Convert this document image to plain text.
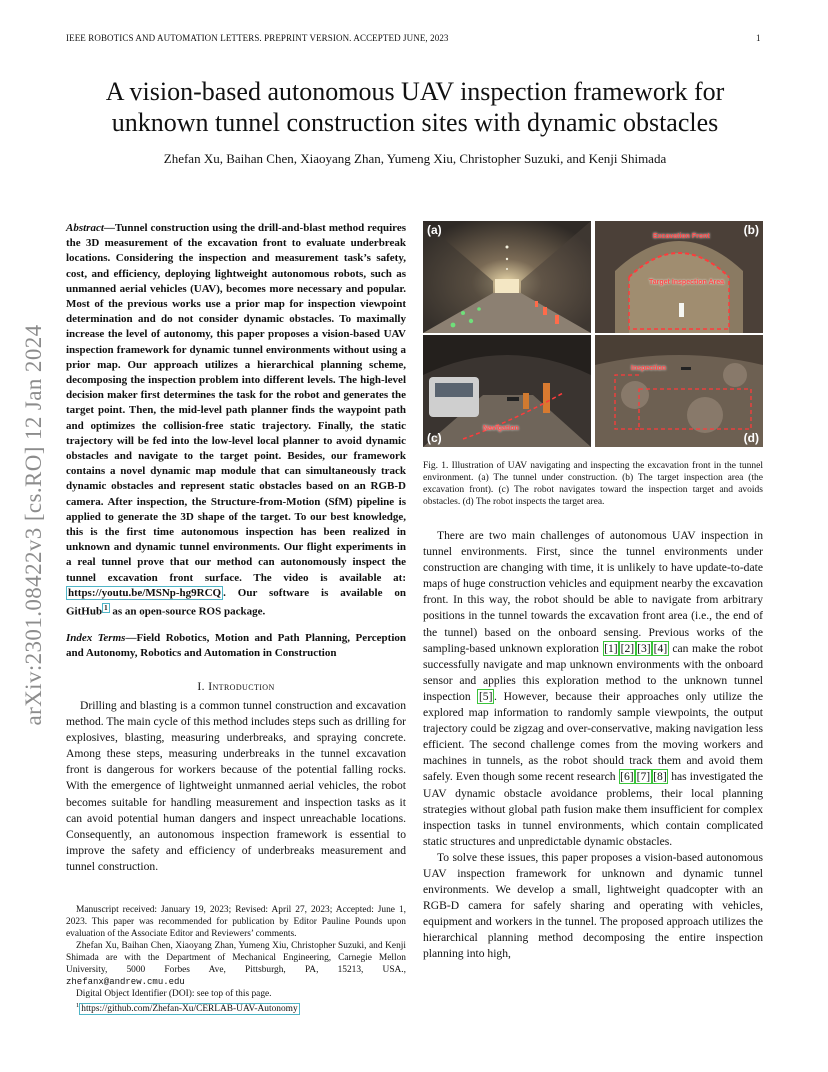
IEEE ROBOTICS AND AUTOMATION LETTERS. PREPRINT VERSION. ACCEPTED JUNE, 2023	1
arXiv:2301.08422v3 [cs.RO] 12 Jan 2024
A vision-based autonomous UAV inspection framework for unknown tunnel construction sites with dynamic obstacles
Zhefan Xu, Baihan Chen, Xiaoyang Zhan, Yumeng Xiu, Christopher Suzuki, and Kenji Shimada
Abstract—Tunnel construction using the drill-and-blast method requires the 3D measurement of the excavation front to evaluate underbreak locations. Considering the inspection and measurement task’s safety, cost, and efficiency, deploying lightweight autonomous robots, such as unmanned aerial vehicles (UAV), becomes more necessary and popular. Most of the previous works use a prior map for inspection viewpoint determination and do not consider dynamic obstacles. To maximally increase the level of autonomy, this paper proposes a vision-based UAV inspection framework for dynamic tunnel environments without using a prior map. Our approach utilizes a hierarchical planning scheme, decomposing the inspection problem into different levels. The high-level decision maker first determines the task for the robot and generates the target point. Then, the mid-level path planner finds the waypoint path and optimizes the collision-free static trajectory. Finally, the static trajectory will be fed into the low-level local planner to avoid dynamic obstacles and navigate to the target point. Besides, our framework contains a novel dynamic map module that can simultaneously track dynamic obstacles and represent static obstacles based on an RGB-D camera. After inspection, the Structure-from-Motion (SfM) pipeline is applied to generate the 3D shape of the target. To our best knowledge, this is the first time autonomous inspection has been realized in unknown and dynamic tunnel environments. Our flight experiments in a real tunnel prove that our method can autonomously inspect the tunnel excavation front surface. The video is available at: https://youtu.be/MSNp-hg9RCQ . Our software is available on GitHub $^1$ as an open-source ROS package.
Index Terms—Field Robotics, Motion and Path Planning, Perception and Autonomy, Robotics and Automation in Construction
I. Introduction
Drilling and blasting is a common tunnel construction and excavation method. The main cycle of this method includes steps such as drilling for explosives, blasting, measuring underbreaks, and spraying concrete. Among these steps, measuring underbreaks in the tunnel excavation front is dangerous for workers because of the potential falling rocks. With the emergence of lightweight unmanned aerial vehicles, the robot becomes suitable for handling measurement and inspection tasks as it can avoid potential human dangers and inspect unreachable locations. Consequently, an autonomous inspection framework is essential to improve the safety and efficiency of underbreaks measurement and tunnel construction.

Manuscript received: January 19, 2023; Revised: April 27, 2023; Accepted: June 1, 2023. This paper was recommended for publication by Editor Pauline Pounds upon evaluation of the Associate Editor and Reviewers’ comments.

Zhefan Xu, Baihan Chen, Xiaoyang Zhan, Yumeng Xiu, Christopher Suzuki, and Kenji Shimada are with the Department of Mechanical Engineering, Carnegie Mellon University, 5000 Forbes Ave, Pittsburgh, PA, 15213, USA., zhefanx@andrew.cmu.edu

Digital Object Identifier (DOI): see top of this page.

$^1$ https://github.com/Zhefan-Xu/CERLAB-UAV-Autonomy

(a)	Excavation Front
Target Inspection Area
(b)
Navigation
(c)
Inspection
(d)
Fig. 1. Illustration of UAV navigating and inspecting the excavation front in the tunnel environment. (a) The tunnel under construction. (b) The target inspection area (the excavation front). (c) The robot navigates toward the inspection target and avoids obstacles. (d) The robot inspects the target area.

There are two main challenges of autonomous UAV inspection in tunnel environments. First, since the tunnel environments under construction are changing with time, it is unlikely to have update-to-date maps of huge construction vehicles and equipment nearby the excavation front. In this way, the robot should be able to navigate from arbitrary positions in the tunnel towards the excavation front area (i.e., the end of the tunnel) based on the onboard sensing. Previous works of the sampling-based unknown exploration [1] [2] [3] [4] can make the robot successfully navigate and map unknown environments with the onboard sensor and applies this exploration method to the unknown tunnel inspection [5] . However, because their approaches only utilize the explored map information to randomly sample viewpoints, the output trajectory could be zigzag and over-conservative, making navigation less efficient. The second challenge comes from the moving workers and machines in tunnels, as the robot should track them and avoid them safely. Even though some recent research [6] [7] [8] has investigated the UAV dynamic obstacle avoidance problems, their local planning strategies without global path fusion make them insufficient for complex inspection tasks in tunnel environments, which contain complicated static structures and unpredictable dynamic obstacles.

To solve these issues, this paper proposes a vision-based autonomous UAV inspection framework for unknown and dynamic tunnel environments. We develop a small, lightweight quadcopter with an RGB-D camera for safely sharing and operating with vehicles, equipment and workers in the tunnel. The proposed approach utilizes the hierarchical planning method decomposing the entire inspection planning into high,
